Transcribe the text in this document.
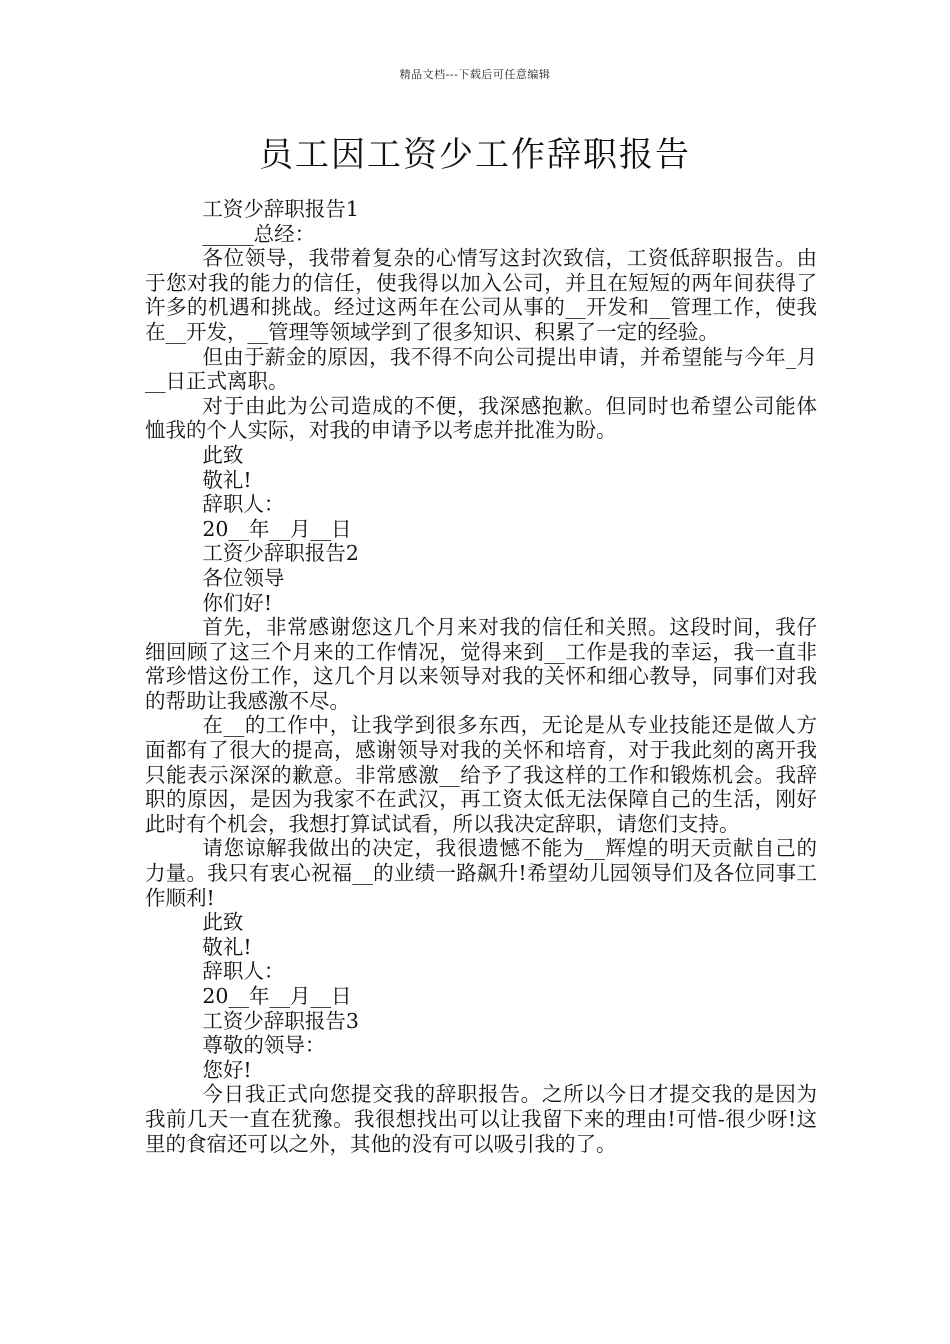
精品文档---下载后可任意编辑
员工因工资少工作辞职报告

工资少辞职报告1

_____总经：

各位领导，我带着复杂的心情写这封次致信，工资低辞职报告。由于您对我的能力的信任，使我得以加入公司，并且在短短的两年间获得了许多的机遇和挑战。经过这两年在公司从事的__开发和__管理工作，使我在__开发，__管理等领域学到了很多知识、积累了一定的经验。

但由于薪金的原因，我不得不向公司提出申请，并希望能与今年_月__日正式离职。

对于由此为公司造成的不便，我深感抱歉。但同时也希望公司能体恤我的个人实际，对我的申请予以考虑并批准为盼。

此致

敬礼!

辞职人：

20__年__月__日

工资少辞职报告2

各位领导

你们好!

首先，非常感谢您这几个月来对我的信任和关照。这段时间，我仔细回顾了这三个月来的工作情况，觉得来到__工作是我的幸运，我一直非常珍惜这份工作，这几个月以来领导对我的关怀和细心教导，同事们对我的帮助让我感激不尽。

在__的工作中，让我学到很多东西，无论是从专业技能还是做人方面都有了很大的提高，感谢领导对我的关怀和培育，对于我此刻的离开我只能表示深深的歉意。非常感激__给予了我这样的工作和锻炼机会。我辞职的原因，是因为我家不在武汉，再工资太低无法保障自己的生活，刚好此时有个机会，我想打算试试看，所以我决定辞职，请您们支持。

请您谅解我做出的决定，我很遗憾不能为__辉煌的明天贡献自己的力量。我只有衷心祝福__的业绩一路飙升!希望幼儿园领导们及各位同事工作顺利!

此致

敬礼!

辞职人：

20__年__月__日

工资少辞职报告3

尊敬的领导：

您好!

今日我正式向您提交我的辞职报告。之所以今日才提交我的是因为我前几天一直在犹豫。我很想找出可以让我留下来的理由!可惜-很少呀!这里的食宿还可以之外，其他的没有可以吸引我的了。
